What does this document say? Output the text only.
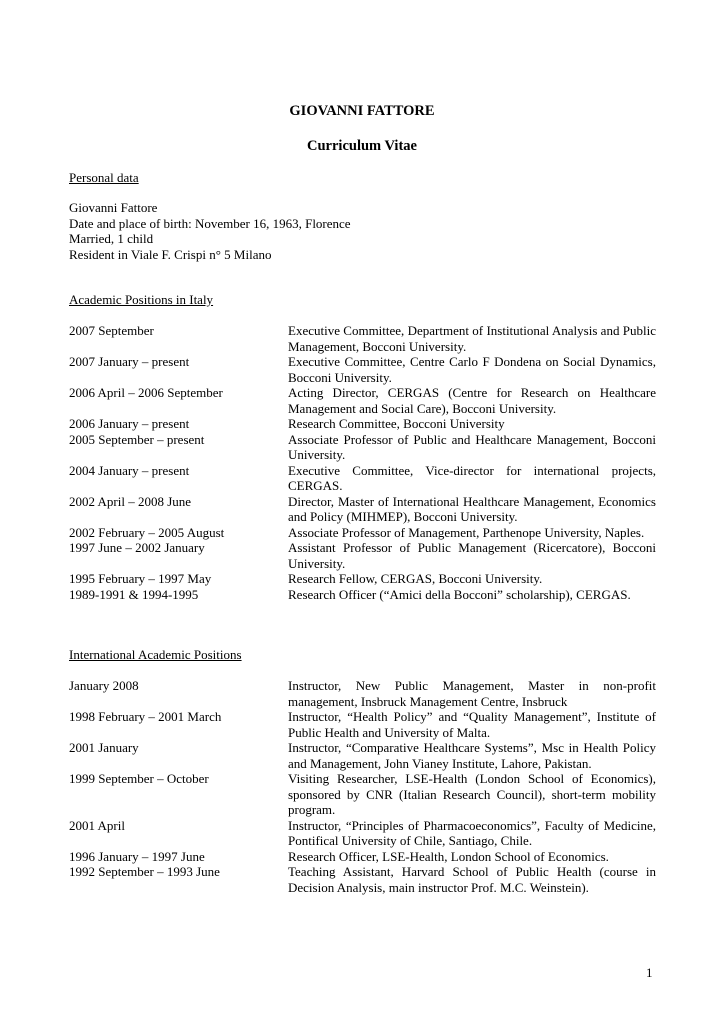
GIOVANNI FATTORE
Curriculum Vitae
Personal data
Giovanni Fattore
Date and place of birth: November 16, 1963, Florence
Married, 1 child
Resident in Viale F. Crispi n° 5 Milano
Academic Positions in Italy
2007 September	Executive Committee, Department of Institutional Analysis and Public Management, Bocconi University.
2007 January – present	Executive Committee, Centre Carlo F Dondena on Social Dynamics, Bocconi University.
2006 April – 2006 September	Acting Director, CERGAS (Centre for Research on Healthcare Management and Social Care), Bocconi University.
2006 January – present	Research Committee, Bocconi University
2005 September – present	Associate Professor of Public and Healthcare Management, Bocconi University.
2004 January – present	Executive Committee, Vice-director for international projects, CERGAS.
2002 April – 2008 June	Director, Master of International Healthcare Management, Economics and Policy (MIHMEP), Bocconi University.
2002 February – 2005 August	Associate Professor of Management, Parthenope University, Naples.
1997 June – 2002 January	Assistant Professor of Public Management (Ricercatore), Bocconi University.
1995 February – 1997 May	Research Fellow, CERGAS, Bocconi University.
1989-1991 & 1994-1995	Research Officer (“Amici della Bocconi” scholarship), CERGAS.
International Academic Positions
January 2008	Instructor, New Public Management, Master in non-profit management, Insbruck Management Centre, Insbruck
1998 February – 2001 March	Instructor, “Health Policy” and “Quality Management”, Institute of Public Health and University of Malta.
2001 January	Instructor, “Comparative Healthcare Systems”, Msc in Health Policy and Management, John Vianey Institute, Lahore, Pakistan.
1999 September – October	Visiting Researcher, LSE-Health (London School of Economics), sponsored by CNR (Italian Research Council), short-term mobility program.
2001 April	Instructor, “Principles of Pharmacoeconomics”, Faculty of Medicine, Pontifical University of Chile, Santiago, Chile.
1996 January – 1997 June	Research Officer, LSE-Health, London School of Economics.
1992 September – 1993 June	Teaching Assistant, Harvard School of Public Health (course in Decision Analysis, main instructor Prof. M.C. Weinstein).
1
